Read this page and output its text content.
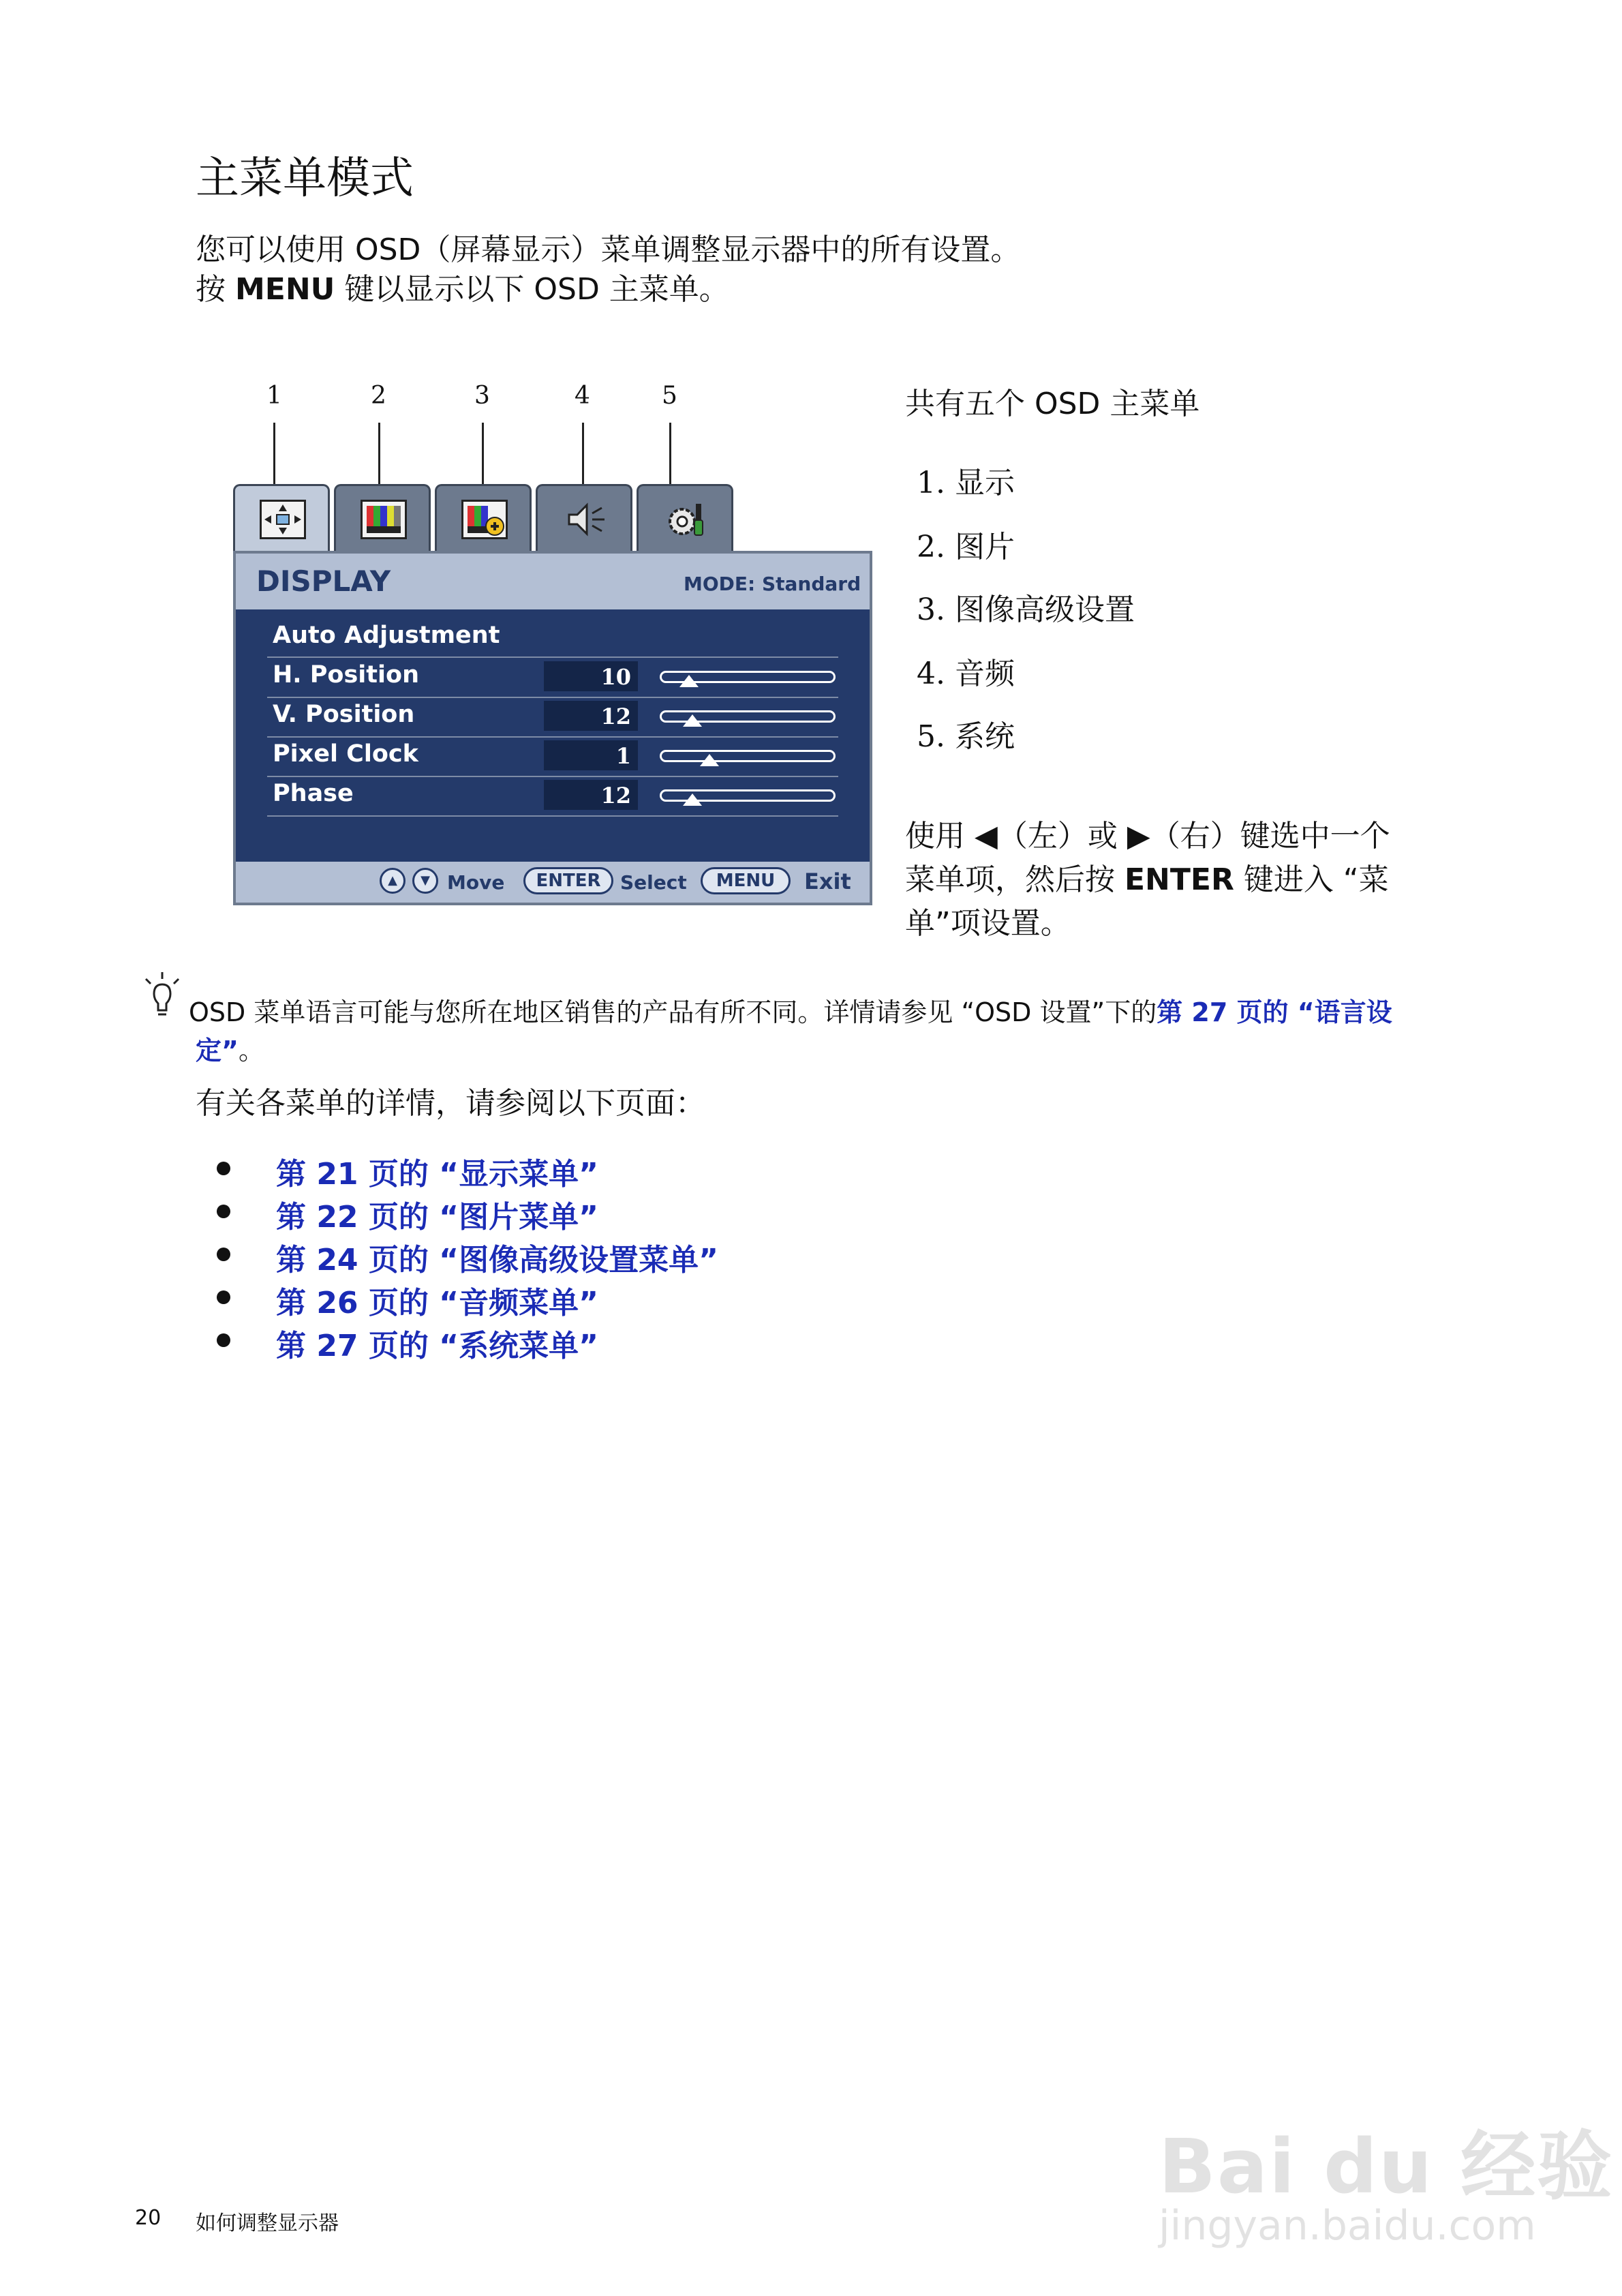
主菜单模式
您可以使用 OSD（屏幕显示）菜单调整显示器中的所有设置。
按 MENU 键以显示以下 OSD 主菜单。
1	2	3	4	5
DISPLAY	MODE: Standard
Auto Adjustment
H. Position	10
V. Position	12
Pixel Clock	1
Phase	12
▲	▼ Move	ENTER	Select	MENU	Exit
共有五个 OSD 主菜单
1. 显示
2. 图片
3. 图像高级设置
4. 音频
5. 系统
使用 ◀（左）或 ▶（右）键选中一个
菜单项，然后按 ENTER 键进入 “菜
单”项设置。
OSD 菜单语言可能与您所在地区销售的产品有所不同。详情请参见 “OSD 设置”下的第 27 页的 “语言设
定”。
有关各菜单的详情，请参阅以下页面：
第 21 页的 “显示菜单”
第 22 页的 “图片菜单”
第 24 页的 “图像高级设置菜单”
第 26 页的 “音频菜单”
第 27 页的 “系统菜单”
20 如何调整显示器
Bai du 经验
jingyan.baidu.com
